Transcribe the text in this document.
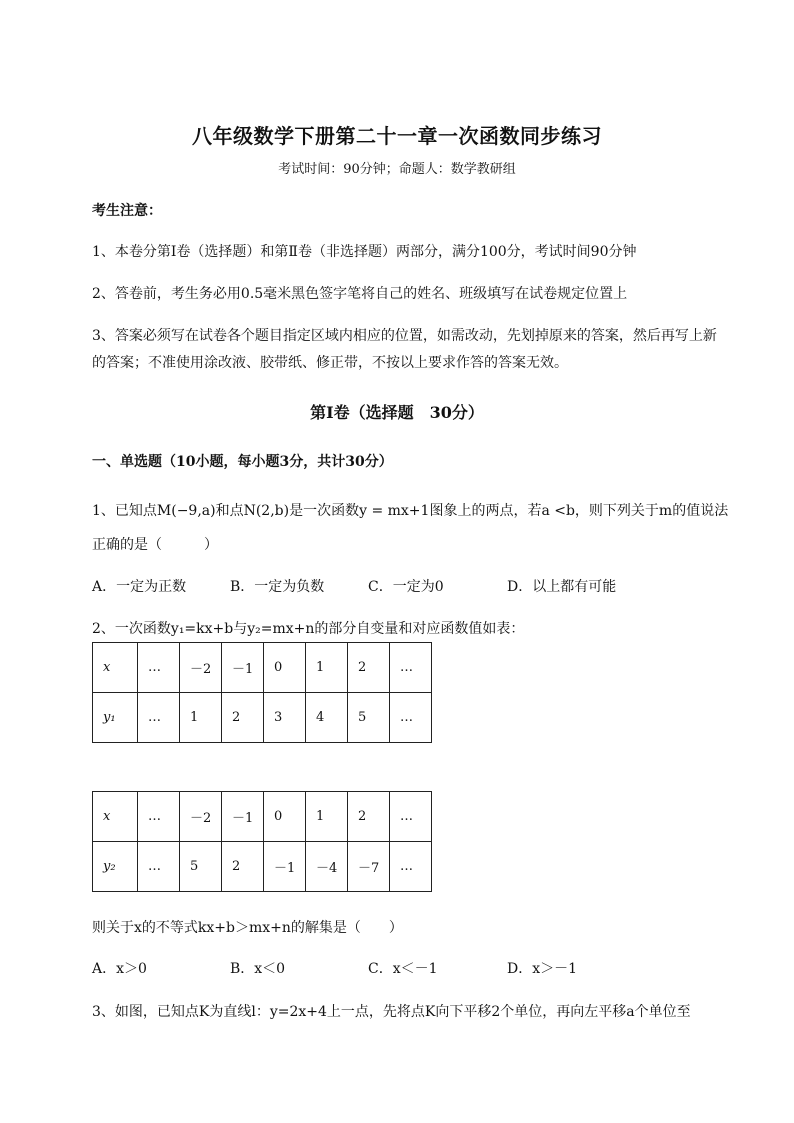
八年级数学下册第二十一章一次函数同步练习
考试时间：90分钟；命题人：数学教研组
考生注意：
1、本卷分第I卷（选择题）和第Ⅱ卷（非选择题）两部分，满分100分，考试时间90分钟
2、答卷前，考生务必用0.5毫米黑色签字笔将自己的姓名、班级填写在试卷规定位置上
3、答案必须写在试卷各个题目指定区域内相应的位置，如需改动，先划掉原来的答案，然后再写上新
的答案；不准使用涂改液、胶带纸、修正带，不按以上要求作答的答案无效。
第I卷（选择题　30分）
一、单选题（10小题，每小题3分，共计30分）
1、已知点M(−9,a)和点N(2,b)是一次函数y = mx+1图象上的两点，若a <b，则下列关于m的值说法
正确的是（　　　）
A．一定为正数	B．一定为负数	C．一定为0	D．以上都有可能
2、一次函数y₁=kx+b与y₂=mx+n的部分自变量和对应函数值如表：
x	…	－2	－1	0	1	2	…
y₁	…	1	2	3	4	5	…
x	…	－2	－1	0	1	2	…
y₂	…	5	2	－1	－4	－7	…
则关于x的不等式kx+b＞mx+n的解集是（　　）
A．x＞0	B．x＜0	C．x＜－1	D．x＞－1
3、如图，已知点K为直线l：y=2x+4上一点，先将点K向下平移2个单位，再向左平移a个单位至
